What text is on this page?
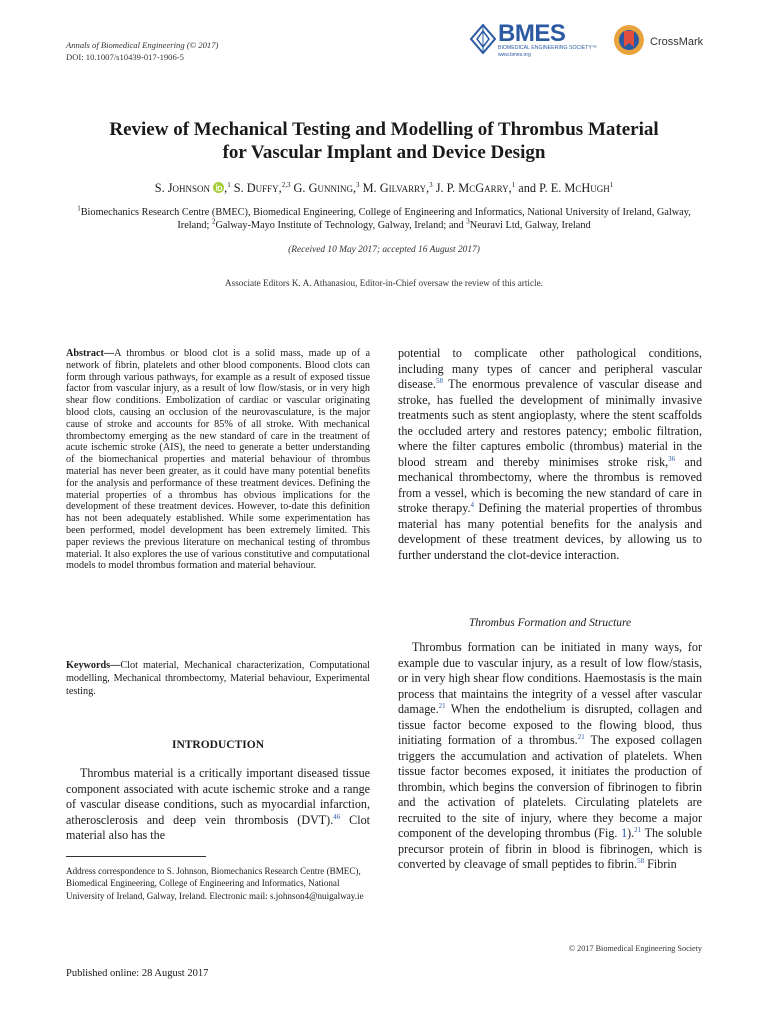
Annals of Biomedical Engineering (© 2017)
DOI: 10.1007/s10439-017-1906-5
BMES
BIOMEDICAL ENGINEERING SOCIETY™
www.bmes.org
CrossMark
Review of Mechanical Testing and Modelling of Thrombus Material
for Vascular Implant and Device Design
S. Johnson ,$^1$ S. Duffy,$^{2,3}$ G. Gunning,$^3$ M. Gilvarry,$^3$ J. P. McGarry,$^1$ and P. E. McHugh$^1$
$^1$Biomechanics Research Centre (BMEC), Biomedical Engineering, College of Engineering and Informatics, National University of Ireland, Galway, Ireland; $^2$Galway-Mayo Institute of Technology, Galway, Ireland; and $^3$Neuravi Ltd, Galway, Ireland
(Received 10 May 2017; accepted 16 August 2017)
Associate Editors K. A. Athanasiou, Editor-in-Chief oversaw the review of this article.
Abstract—A thrombus or blood clot is a solid mass, made up of a network of fibrin, platelets and other blood components. Blood clots can form through various pathways, for example as a result of exposed tissue factor from vascular injury, as a result of low flow/stasis, or in very high shear flow conditions. Embolization of cardiac or vascular originating blood clots, causing an occlusion of the neurovasculature, is the major cause of stroke and accounts for 85% of all stroke. With mechanical thrombectomy emerging as the new standard of care in the treatment of acute ischemic stroke (AIS), the need to generate a better understanding of the biomechanical properties and material behaviour of thrombus material has never been greater, as it could have many potential benefits for the analysis and performance of these treatment devices. Defining the material properties of a thrombus has obvious implications for the development of these treatment devices. However, to-date this definition has not been adequately established. While some experimentation has been performed, model development has been extremely limited. This paper reviews the previous literature on mechanical testing of thrombus material. It also explores the use of various constitutive and computational models to model thrombus formation and material behaviour.
Keywords—Clot material, Mechanical characterization, Computational modelling, Mechanical thrombectomy, Material behaviour, Experimental testing.
INTRODUCTION
Thrombus material is a critically important diseased tissue component associated with acute ischemic stroke and a range of vascular disease conditions, such as myocardial infarction, atherosclerosis and deep vein thrombosis (DVT).$^{46}$ Clot material also has the
Address correspondence to S. Johnson, Biomechanics Research Centre (BMEC), Biomedical Engineering, College of Engineering and Informatics, National University of Ireland, Galway, Ireland. Electronic mail: s.johnson4@nuigalway.ie
potential to complicate other pathological conditions, including many types of cancer and peripheral vascular disease.$^{58}$ The enormous prevalence of vascular disease and stroke, has fuelled the development of minimally invasive treatments such as stent angioplasty, where the stent scaffolds the occluded artery and restores patency; embolic filtration, where the filter captures embolic (thrombus) material in the blood stream and thereby minimises stroke risk,$^{36}$ and mechanical thrombectomy, where the thrombus is removed from a vessel, which is becoming the new standard of care in stroke therapy.$^4$ Defining the material properties of thrombus material has many potential benefits for the analysis and development of these treatment devices, by allowing us to further understand the clot-device interaction.
Thrombus Formation and Structure
Thrombus formation can be initiated in many ways, for example due to vascular injury, as a result of low flow/stasis, or in very high shear flow conditions. Haemostasis is the main process that maintains the integrity of a vessel after vascular damage.$^{21}$ When the endothelium is disrupted, collagen and tissue factor become exposed to the flowing blood, thus initiating formation of a thrombus.$^{21}$ The exposed collagen triggers the accumulation and activation of platelets. When tissue factor becomes exposed, it initiates the production of thrombin, which begins the conversion of fibrinogen to fibrin and the activation of platelets. Circulating platelets are recruited to the site of injury, where they become a major component of the developing thrombus (Fig. 1).$^{21}$ The soluble precursor protein of fibrin in blood is fibrinogen, which is converted by cleavage of small peptides to fibrin.$^{58}$ Fibrin
© 2017 Biomedical Engineering Society
Published online: 28 August 2017
